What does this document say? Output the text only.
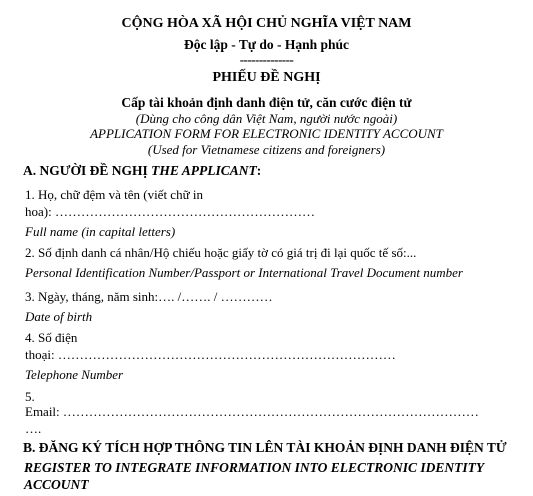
CỘNG HÒA XÃ HỘI CHỦ NGHĨA VIỆT NAM
Độc lập - Tự do - Hạnh phúc
--------------
PHIẾU ĐỀ NGHỊ
Cấp tài khoản định danh điện tử, căn cước điện tử
(Dùng cho công dân Việt Nam, người nước ngoài)
APPLICATION FORM FOR ELECTRONIC IDENTITY ACCOUNT
(Used for Vietnamese citizens and foreigners)
A. NGƯỜI ĐỀ NGHỊ THE APPLICANT:
1. Họ, chữ đệm và tên (viết chữ in
hoa): ……………………………………………………
Full name (in capital letters)
2. Số định danh cá nhân/Hộ chiếu hoặc giấy tờ có giá trị đi lại quốc tế số:...
Personal Identification Number/Passport or International Travel Document number
3. Ngày, tháng, năm sinh:…. /……. / …………
Date of birth
4. Số điện
thoại: ……………………………………………………………………
Telephone Number
5.
Email: ……………………………………………………………………………………
….
B. ĐĂNG KÝ TÍCH HỢP THÔNG TIN LÊN TÀI KHOẢN ĐỊNH DANH ĐIỆN TỬ
REGISTER TO INTEGRATE INFORMATION INTO ELECTRONIC IDENTITY
ACCOUNT
